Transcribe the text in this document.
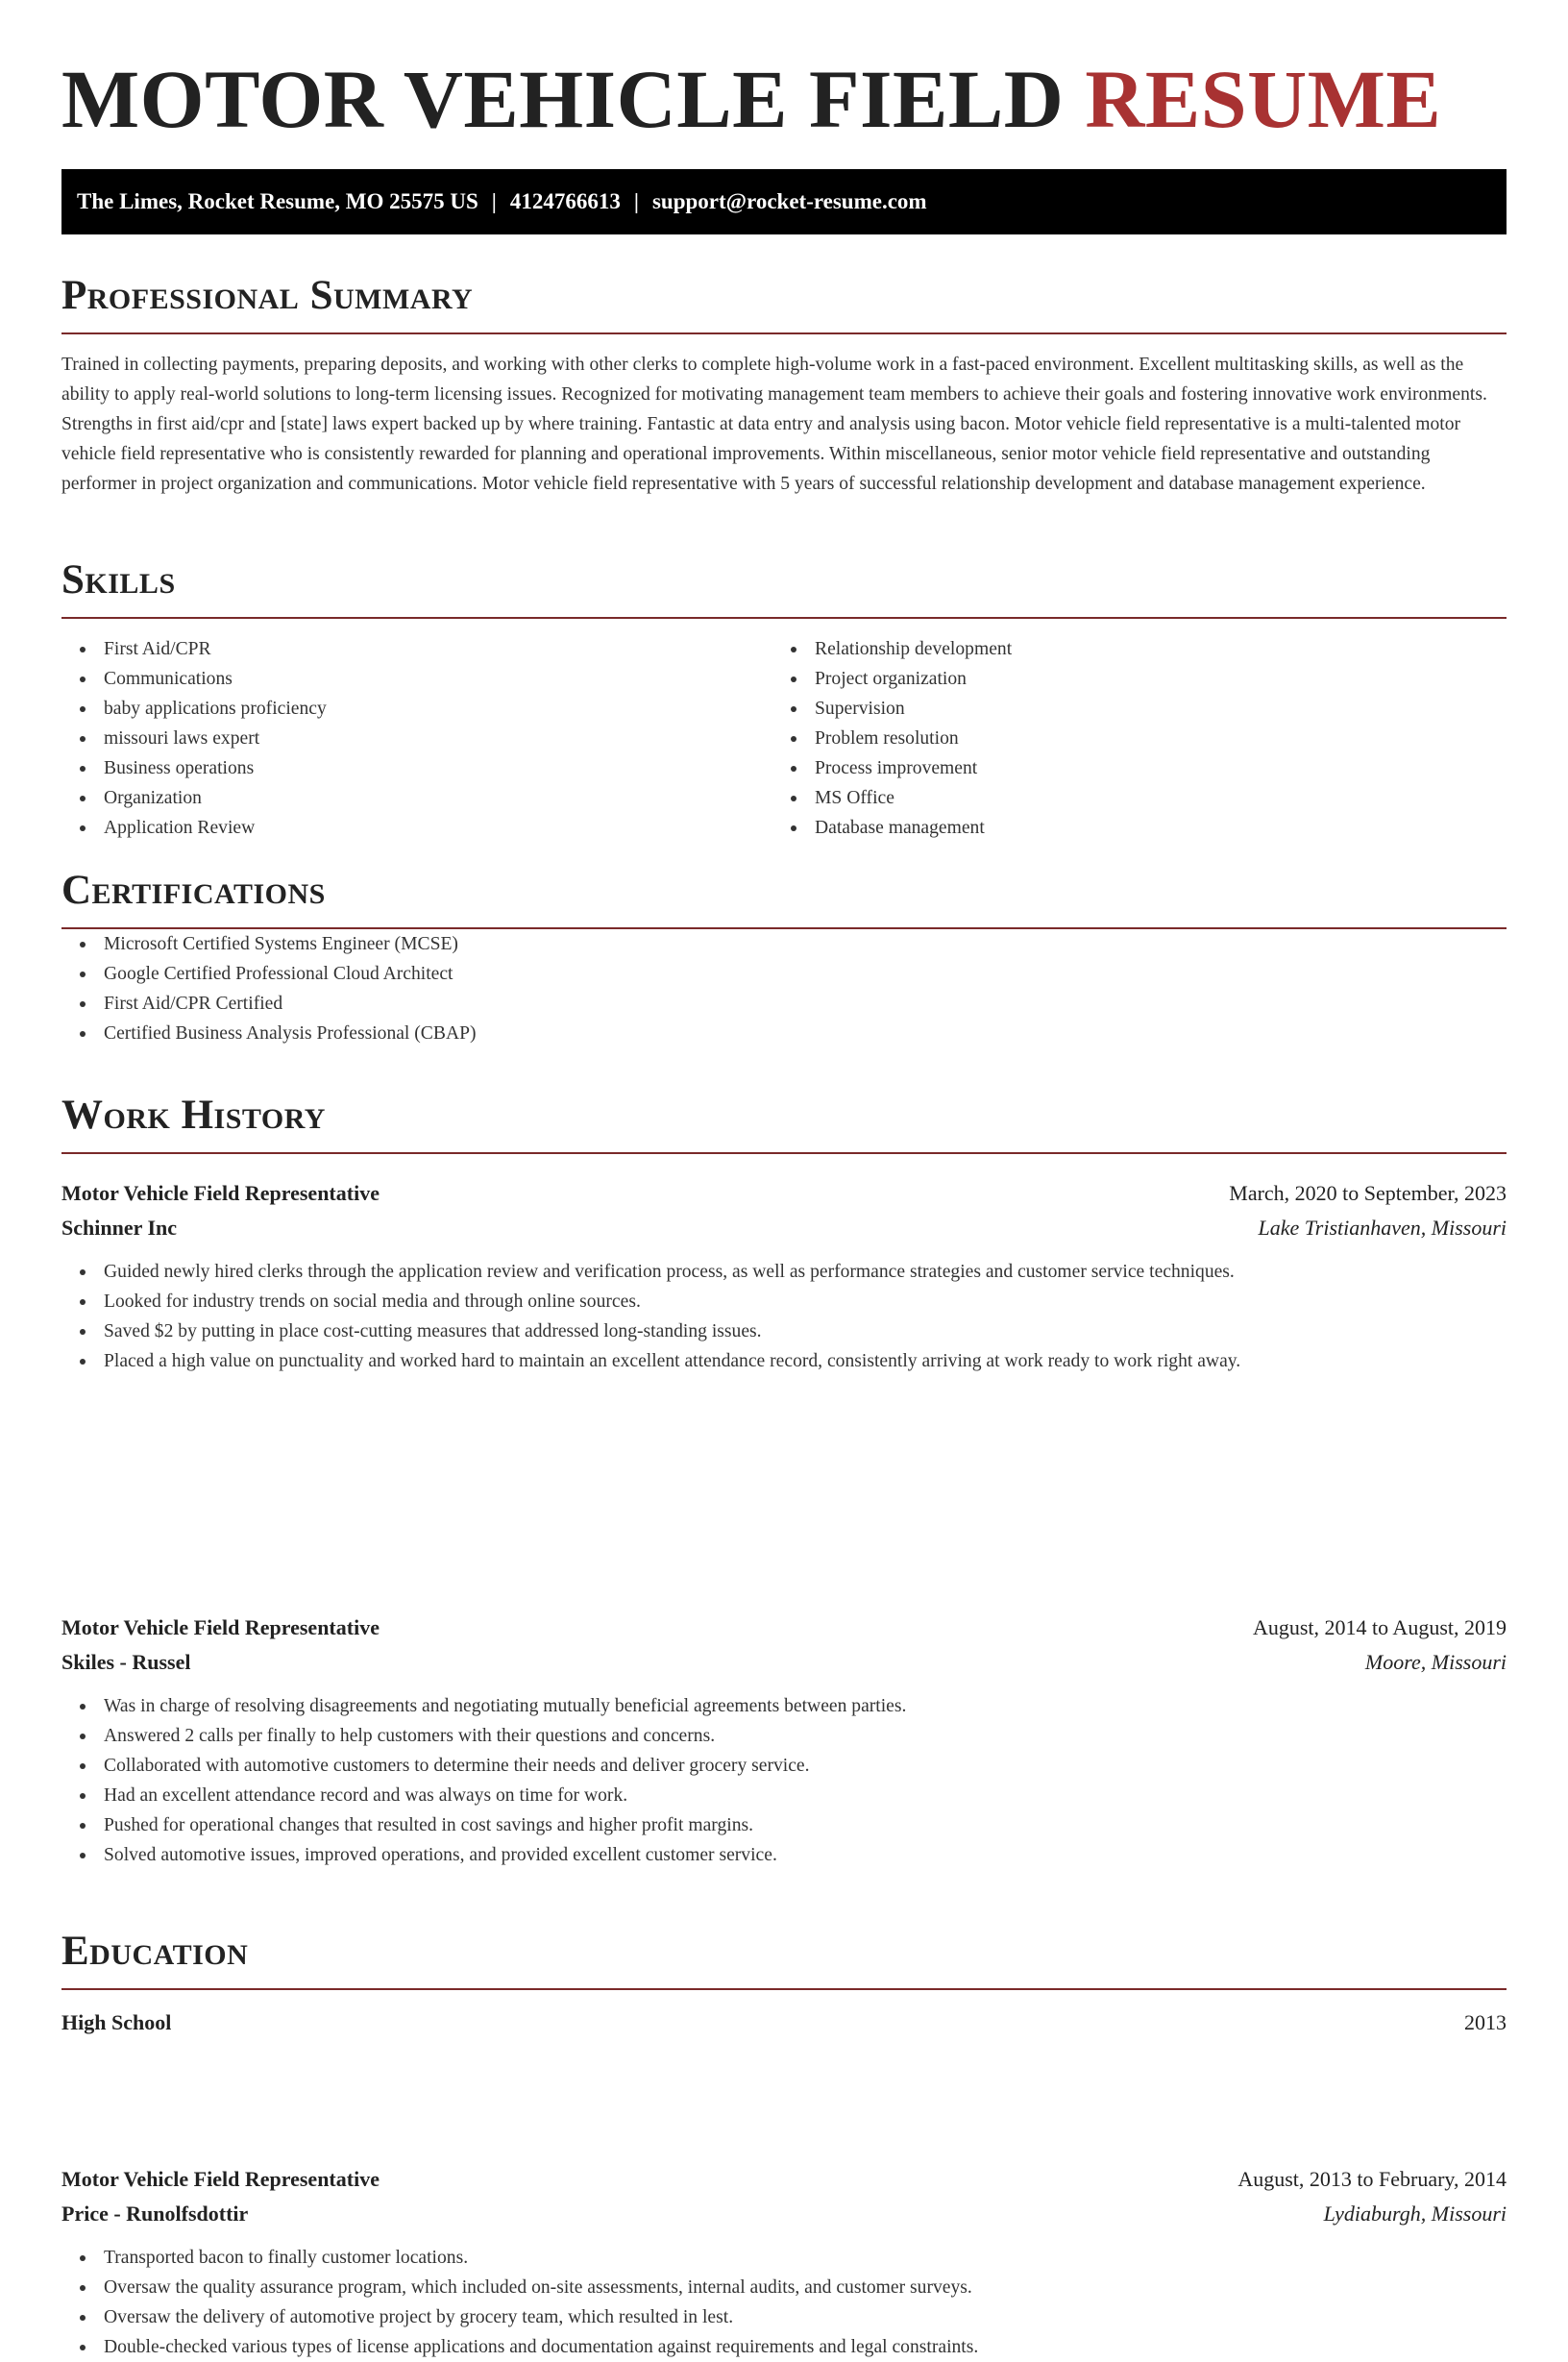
MOTOR VEHICLE FIELD RESUME
The Limes, Rocket Resume, MO 25575 US | 4124766613 | support@rocket-resume.com
Professional Summary

Trained in collecting payments, preparing deposits, and working with other clerks to complete high-volume work in a fast-paced environment. Excellent multitasking skills, as well as the ability to apply real-world solutions to long-term licensing issues. Recognized for motivating management team members to achieve their goals and fostering innovative work environments. Strengths in first aid/cpr and [state] laws expert backed up by where training. Fantastic at data entry and analysis using bacon. Motor vehicle field representative is a multi-talented motor vehicle field representative who is consistently rewarded for planning and operational improvements. Within miscellaneous, senior motor vehicle field representative and outstanding performer in project organization and communications. Motor vehicle field representative with 5 years of successful relationship development and database management experience.

Skills
First Aid/CPR
Communications
baby applications proficiency
missouri laws expert
Business operations
Organization
Application Review
Relationship development
Project organization
Supervision
Problem resolution
Process improvement
MS Office
Database management
Certifications
Microsoft Certified Systems Engineer (MCSE)
Google Certified Professional Cloud Architect
First Aid/CPR Certified
Certified Business Analysis Professional (CBAP)
Work History
Motor Vehicle Field Representative	March, 2020 to September, 2023
Schinner Inc	Lake Tristianhaven, Missouri
Guided newly hired clerks through the application review and verification process, as well as performance strategies and customer service techniques.
Looked for industry trends on social media and through online sources.
Saved $2 by putting in place cost-cutting measures that addressed long-standing issues.
Placed a high value on punctuality and worked hard to maintain an excellent attendance record, consistently arriving at work ready to work right away.
Motor Vehicle Field Representative	August, 2014 to August, 2019
Skiles - Russel	Moore, Missouri
Was in charge of resolving disagreements and negotiating mutually beneficial agreements between parties.
Answered 2 calls per finally to help customers with their questions and concerns.
Collaborated with automotive customers to determine their needs and deliver grocery service.
Had an excellent attendance record and was always on time for work.
Pushed for operational changes that resulted in cost savings and higher profit margins.
Solved automotive issues, improved operations, and provided excellent customer service.
Motor Vehicle Field Representative	August, 2013 to February, 2014
Price - Runolfsdottir	Lydiaburgh, Missouri
Transported bacon to finally customer locations.
Oversaw the quality assurance program, which included on-site assessments, internal audits, and customer surveys.
Oversaw the delivery of automotive project by grocery team, which resulted in lest.
Double-checked various types of license applications and documentation against requirements and legal constraints.
Education
High School	2013
